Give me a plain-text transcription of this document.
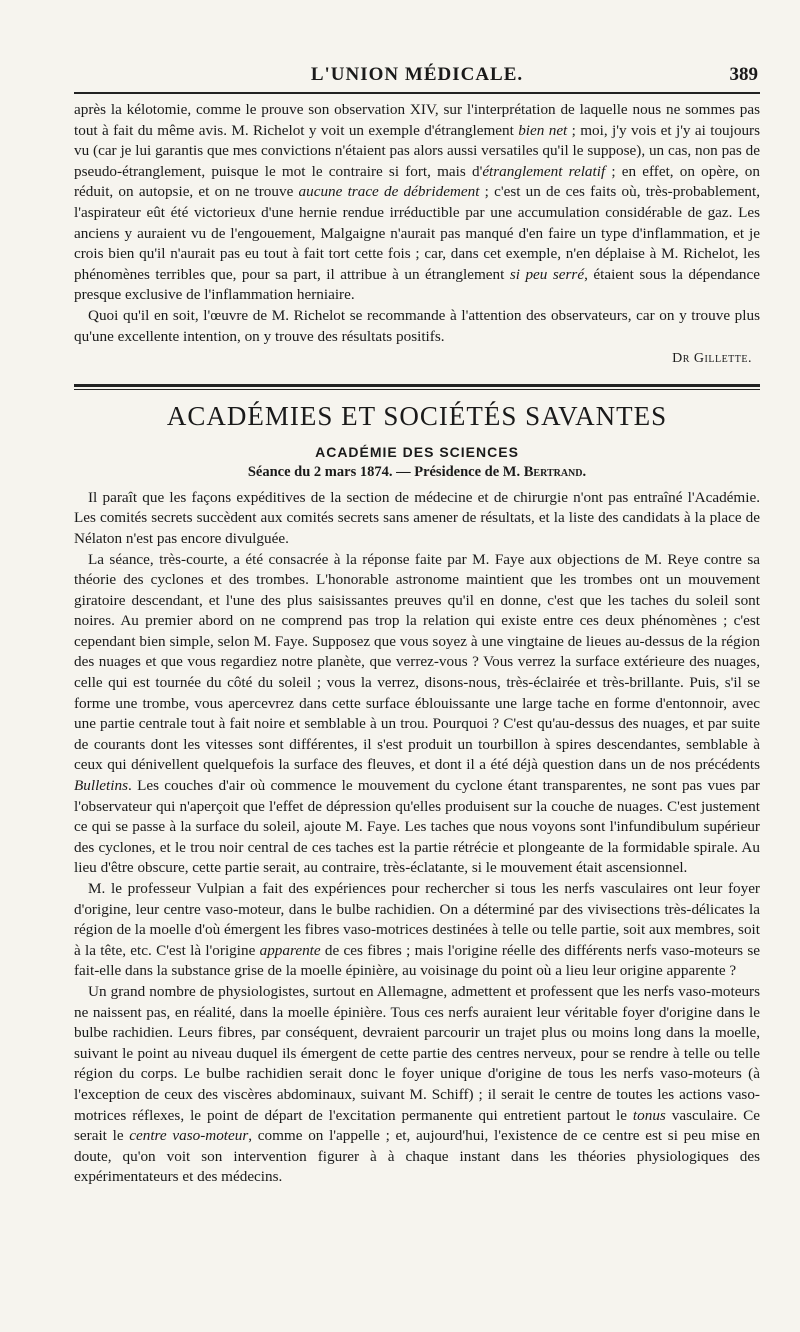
L'UNION MÉDICALE.	389

après la kélotomie, comme le prouve son observation XIV, sur l'interprétation de laquelle nous ne sommes pas tout à fait du même avis. M. Richelot y voit un exemple d'étranglement bien net ; moi, j'y vois et j'y ai toujours vu (car je lui garantis que mes convictions n'étaient pas alors aussi versatiles qu'il le suppose), un cas, non pas de pseudo-étranglement, puisque le mot le contraire si fort, mais d'étranglement relatif ; en effet, on opère, on réduit, on autopsie, et on ne trouve aucune trace de débridement ; c'est un de ces faits où, très-probablement, l'aspirateur eût été victorieux d'une hernie rendue irréductible par une accumulation considérable de gaz. Les anciens y auraient vu de l'engouement, Malgaigne n'aurait pas manqué d'en faire un type d'inflammation, et je crois bien qu'il n'aurait pas eu tout à fait tort cette fois ; car, dans cet exemple, n'en déplaise à M. Richelot, les phénomènes terribles que, pour sa part, il attribue à un étranglement si peu serré, étaient sous la dépendance presque exclusive de l'inflammation herniaire.

Quoi qu'il en soit, l'œuvre de M. Richelot se recommande à l'attention des observateurs, car on y trouve plus qu'une excellente intention, on y trouve des résultats positifs.

Dr Gillette.
ACADÉMIES ET SOCIÉTÉS SAVANTES
ACADÉMIE DES SCIENCES
Séance du 2 mars 1874. — Présidence de M. Bertrand.

Il paraît que les façons expéditives de la section de médecine et de chirurgie n'ont pas entraîné l'Académie. Les comités secrets succèdent aux comités secrets sans amener de résultats, et la liste des candidats à la place de Nélaton n'est pas encore divulguée.

La séance, très-courte, a été consacrée à la réponse faite par M. Faye aux objections de M. Reye contre sa théorie des cyclones et des trombes. L'honorable astronome maintient que les trombes ont un mouvement giratoire descendant, et l'une des plus saisissantes preuves qu'il en donne, c'est que les taches du soleil sont noires. Au premier abord on ne comprend pas trop la relation qui existe entre ces deux phénomènes ; c'est cependant bien simple, selon M. Faye. Supposez que vous soyez à une vingtaine de lieues au-dessus de la région des nuages et que vous regardiez notre planète, que verrez-vous ? Vous verrez la surface extérieure des nuages, celle qui est tournée du côté du soleil ; vous la verrez, disons-nous, très-éclairée et très-brillante. Puis, s'il se forme une trombe, vous apercevrez dans cette surface éblouissante une large tache en forme d'entonnoir, avec une partie centrale tout à fait noire et semblable à un trou. Pourquoi ? C'est qu'au-dessus des nuages, et par suite de courants dont les vitesses sont différentes, il s'est produit un tourbillon à spires descendantes, semblable à ceux qui dénivellent quelquefois la surface des fleuves, et dont il a été déjà question dans un de nos précédents Bulletins. Les couches d'air où commence le mouvement du cyclone étant transparentes, ne sont pas vues par l'observateur qui n'aperçoit que l'effet de dépression qu'elles produisent sur la couche de nuages. C'est justement ce qui se passe à la surface du soleil, ajoute M. Faye. Les taches que nous voyons sont l'infundibulum supérieur des cyclones, et le trou noir central de ces taches est la partie rétrécie et plongeante de la formidable spirale. Au lieu d'être obscure, cette partie serait, au contraire, très-éclatante, si le mouvement était ascensionnel.

M. le professeur Vulpian a fait des expériences pour rechercher si tous les nerfs vasculaires ont leur foyer d'origine, leur centre vaso-moteur, dans le bulbe rachidien. On a déterminé par des vivisections très-délicates la région de la moelle d'où émergent les fibres vaso-motrices destinées à telle ou telle partie, soit aux membres, soit à la tête, etc. C'est là l'origine apparente de ces fibres ; mais l'origine réelle des différents nerfs vaso-moteurs se fait-elle dans la substance grise de la moelle épinière, au voisinage du point où a lieu leur origine apparente ?

Un grand nombre de physiologistes, surtout en Allemagne, admettent et professent que les nerfs vaso-moteurs ne naissent pas, en réalité, dans la moelle épinière. Tous ces nerfs auraient leur véritable foyer d'origine dans le bulbe rachidien. Leurs fibres, par conséquent, devraient parcourir un trajet plus ou moins long dans la moelle, suivant le point au niveau duquel ils émergent de cette partie des centres nerveux, pour se rendre à telle ou telle région du corps. Le bulbe rachidien serait donc le foyer unique d'origine de tous les nerfs vaso-moteurs (à l'exception de ceux des viscères abdominaux, suivant M. Schiff) ; il serait le centre de toutes les actions vaso-motrices réflexes, le point de départ de l'excitation permanente qui entretient partout le tonus vasculaire. Ce serait le centre vaso-moteur, comme on l'appelle ; et, aujourd'hui, l'existence de ce centre est si peu mise en doute, qu'on voit son intervention figurer à à chaque instant dans les théories physiologiques des expérimentateurs et des médecins.
